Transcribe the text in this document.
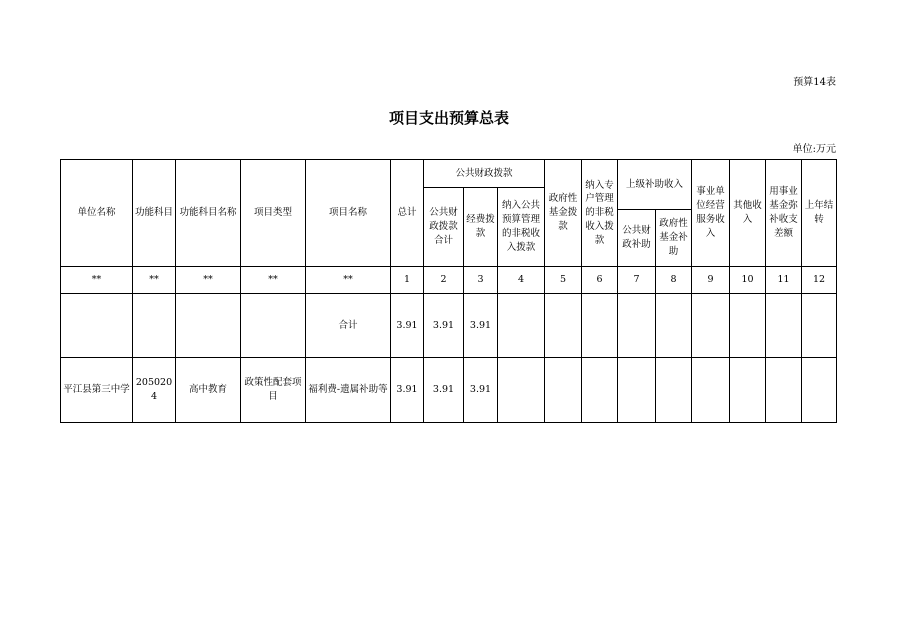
预算14表
项目支出预算总表
单位:万元
单位名称	功能科目	功能科目名称	项目类型	项目名称	总计	公共财政拨款			政府性基金拨款	纳入专户管理的非税收入拨款	上级补助收入		事业单位经营服务收入	其他收入	用事业基金弥补收支差额	上年结转
						公共财政拨款合计	经费拨款	纳入公共预算管理的非税收入拨款								
											公共财政补助	政府性基金补助				
**	**	**	**	**	1	2	3	4	5	6	7	8	9	10	11	12
				合计	3.91	3.91	3.91									
平江县第三中学	2050204	高中教育	政策性配套项目	福利费-遗属补助等	3.91	3.91	3.91									
